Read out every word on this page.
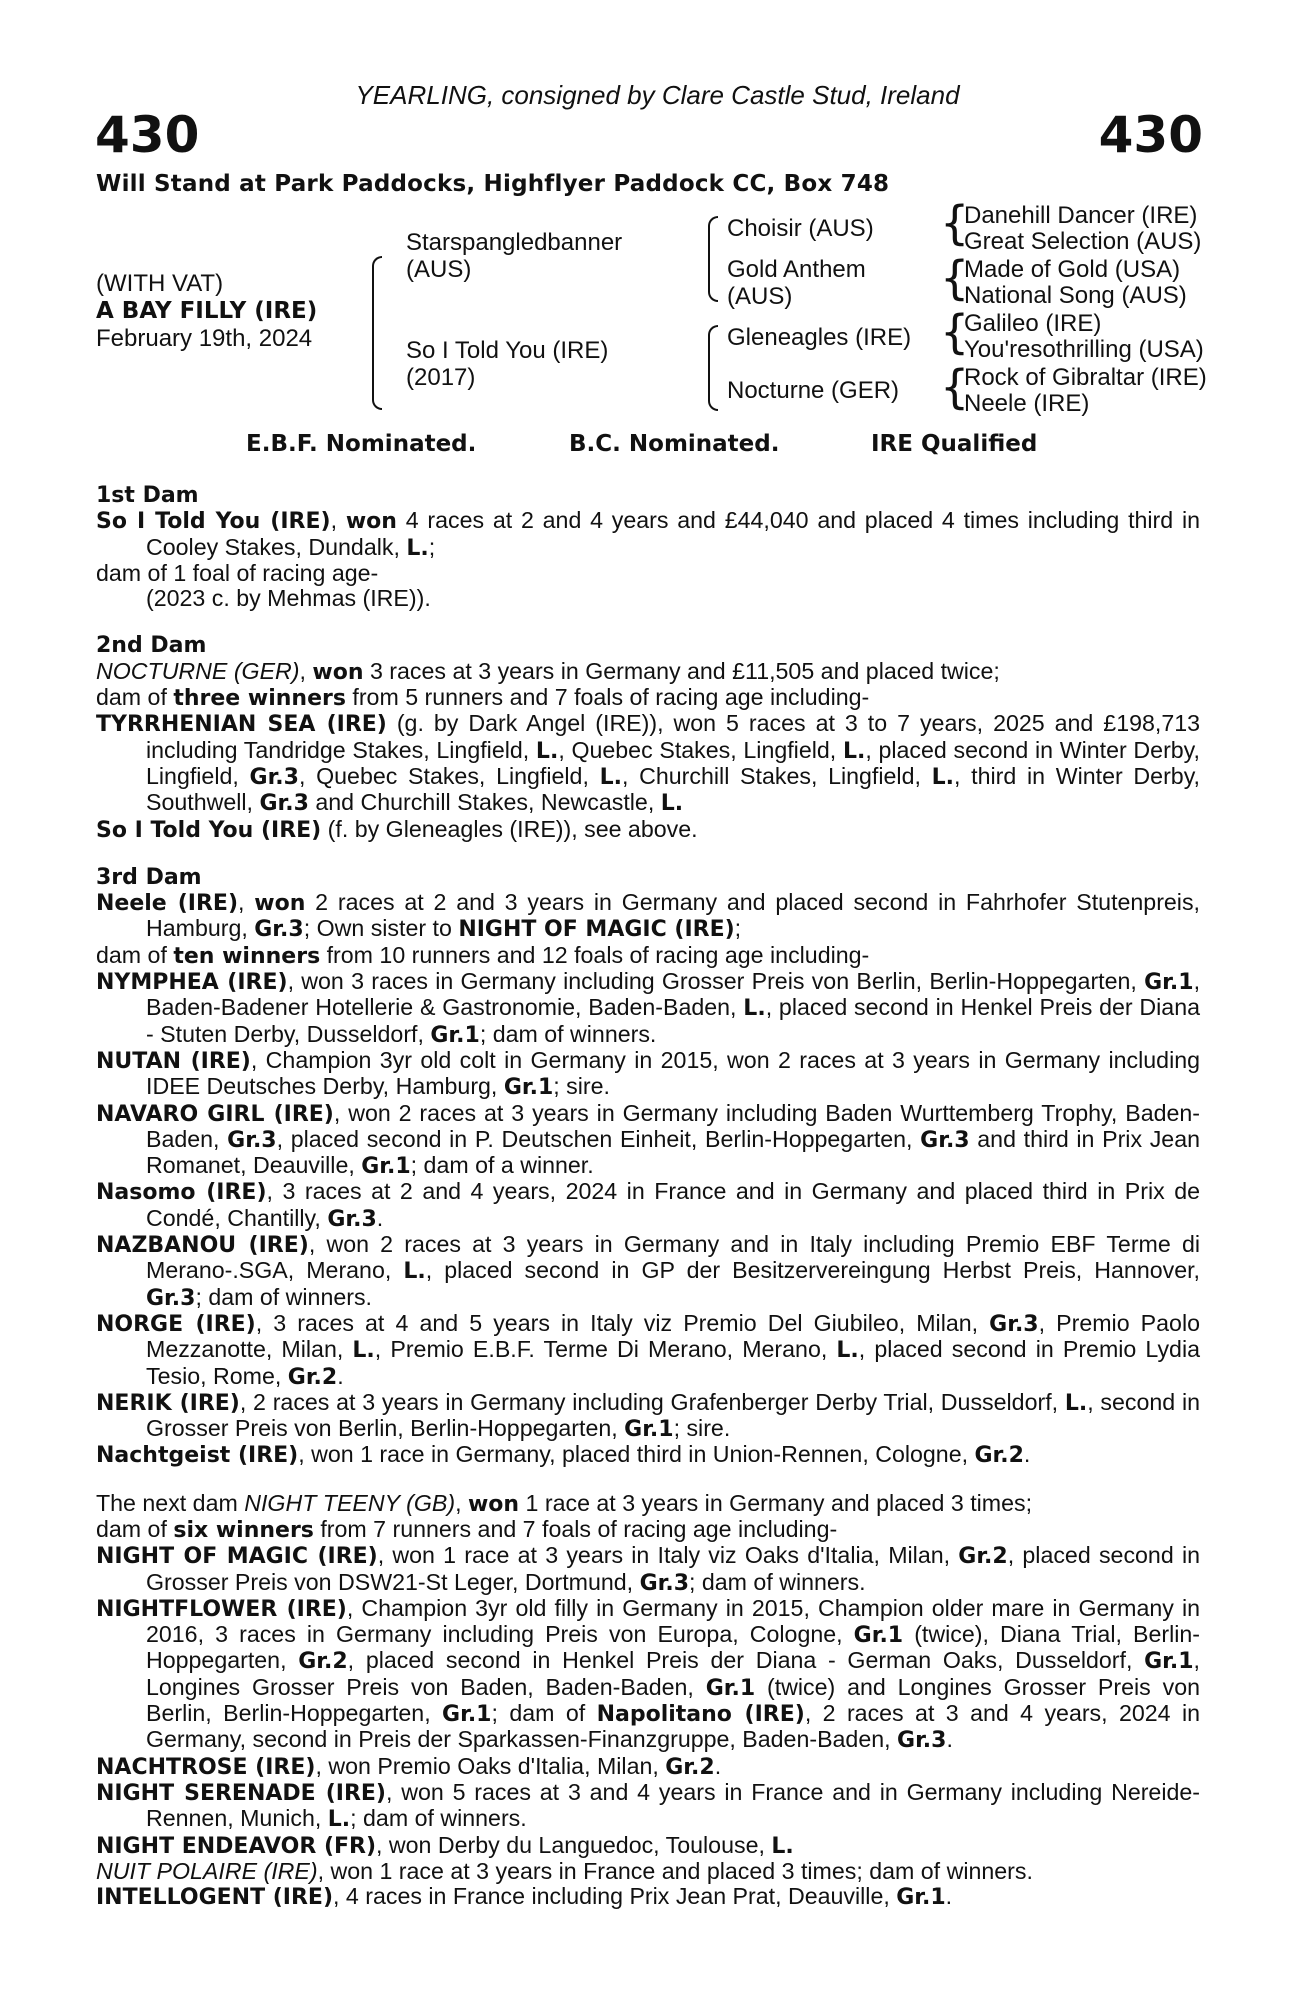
YEARLING, consigned by Clare Castle Stud, Ireland
430	430
Will Stand at Park Paddocks, Highflyer Paddock CC, Box 748
(WITH VAT)
A BAY FILLY (IRE)
February 19th, 2024
Starspangledbanner
(AUS)
So I Told You (IRE)
(2017)
Choisir (AUS)
Gold Anthem
(AUS)
Gleneagles (IRE)
Nocturne (GER)
{
Danehill Dancer (IRE)
Great Selection (AUS)
{
Made of Gold (USA)
National Song (AUS)
{
Galileo (IRE)
You'resothrilling (USA)
{
Rock of Gibraltar (IRE)
Neele (IRE)
E.B.F. Nominated.	B.C. Nominated.	IRE Qualified

1st Dam

So I Told You (IRE), won 4 races at 2 and 4 years and £44,040 and placed 4 times including third in Cooley Stakes, Dundalk, L.;

dam of 1 foal of racing age-

(2023 c. by Mehmas (IRE)).

2nd Dam

NOCTURNE (GER), won 3 races at 3 years in Germany and £11,505 and placed twice;

dam of three winners from 5 runners and 7 foals of racing age including-

TYRRHENIAN SEA (IRE) (g. by Dark Angel (IRE)), won 5 races at 3 to 7 years, 2025 and £198,713 including Tandridge Stakes, Lingfield, L., Quebec Stakes, Lingfield, L., placed second in Winter Derby, Lingfield, Gr.3, Quebec Stakes, Lingfield, L., Churchill Stakes, Lingfield, L., third in Winter Derby, Southwell, Gr.3 and Churchill Stakes, Newcastle, L.

So I Told You (IRE) (f. by Gleneagles (IRE)), see above.

3rd Dam

Neele (IRE), won 2 races at 2 and 3 years in Germany and placed second in Fahrhofer Stutenpreis, Hamburg, Gr.3; Own sister to NIGHT OF MAGIC (IRE);

dam of ten winners from 10 runners and 12 foals of racing age including-

NYMPHEA (IRE), won 3 races in Germany including Grosser Preis von Berlin, Berlin-Hoppegarten, Gr.1, Baden-Badener Hotellerie & Gastronomie, Baden-Baden, L., placed second in Henkel Preis der Diana - Stuten Derby, Dusseldorf, Gr.1; dam of winners.

NUTAN (IRE), Champion 3yr old colt in Germany in 2015, won 2 races at 3 years in Germany including IDEE Deutsches Derby, Hamburg, Gr.1; sire.

NAVARO GIRL (IRE), won 2 races at 3 years in Germany including Baden Wurttemberg Trophy, Baden-Baden, Gr.3, placed second in P. Deutschen Einheit, Berlin-Hoppegarten, Gr.3 and third in Prix Jean Romanet, Deauville, Gr.1; dam of a winner.

Nasomo (IRE), 3 races at 2 and 4 years, 2024 in France and in Germany and placed third in Prix de Condé, Chantilly, Gr.3.

NAZBANOU (IRE), won 2 races at 3 years in Germany and in Italy including Premio EBF Terme di Merano-.SGA, Merano, L., placed second in GP der Besitzervereingung Herbst Preis, Hannover, Gr.3; dam of winners.

NORGE (IRE), 3 races at 4 and 5 years in Italy viz Premio Del Giubileo, Milan, Gr.3, Premio Paolo Mezzanotte, Milan, L., Premio E.B.F. Terme Di Merano, Merano, L., placed second in Premio Lydia Tesio, Rome, Gr.2.

NERIK (IRE), 2 races at 3 years in Germany including Grafenberger Derby Trial, Dusseldorf, L., second in Grosser Preis von Berlin, Berlin-Hoppegarten, Gr.1; sire.

Nachtgeist (IRE), won 1 race in Germany, placed third in Union-Rennen, Cologne, Gr.2.

The next dam NIGHT TEENY (GB), won 1 race at 3 years in Germany and placed 3 times;

dam of six winners from 7 runners and 7 foals of racing age including-

NIGHT OF MAGIC (IRE), won 1 race at 3 years in Italy viz Oaks d'Italia, Milan, Gr.2, placed second in Grosser Preis von DSW21-St Leger, Dortmund, Gr.3; dam of winners.

NIGHTFLOWER (IRE), Champion 3yr old filly in Germany in 2015, Champion older mare in Germany in 2016, 3 races in Germany including Preis von Europa, Cologne, Gr.1 (twice), Diana Trial, Berlin-Hoppegarten, Gr.2, placed second in Henkel Preis der Diana - German Oaks, Dusseldorf, Gr.1, Longines Grosser Preis von Baden, Baden-Baden, Gr.1 (twice) and Longines Grosser Preis von Berlin, Berlin-Hoppegarten, Gr.1; dam of Napolitano (IRE), 2 races at 3 and 4 years, 2024 in Germany, second in Preis der Sparkassen-Finanzgruppe, Baden-Baden, Gr.3.

NACHTROSE (IRE), won Premio Oaks d'Italia, Milan, Gr.2.

NIGHT SERENADE (IRE), won 5 races at 3 and 4 years in France and in Germany including Nereide-Rennen, Munich, L.; dam of winners.

NIGHT ENDEAVOR (FR), won Derby du Languedoc, Toulouse, L.

NUIT POLAIRE (IRE), won 1 race at 3 years in France and placed 3 times; dam of winners.

INTELLOGENT (IRE), 4 races in France including Prix Jean Prat, Deauville, Gr.1.
